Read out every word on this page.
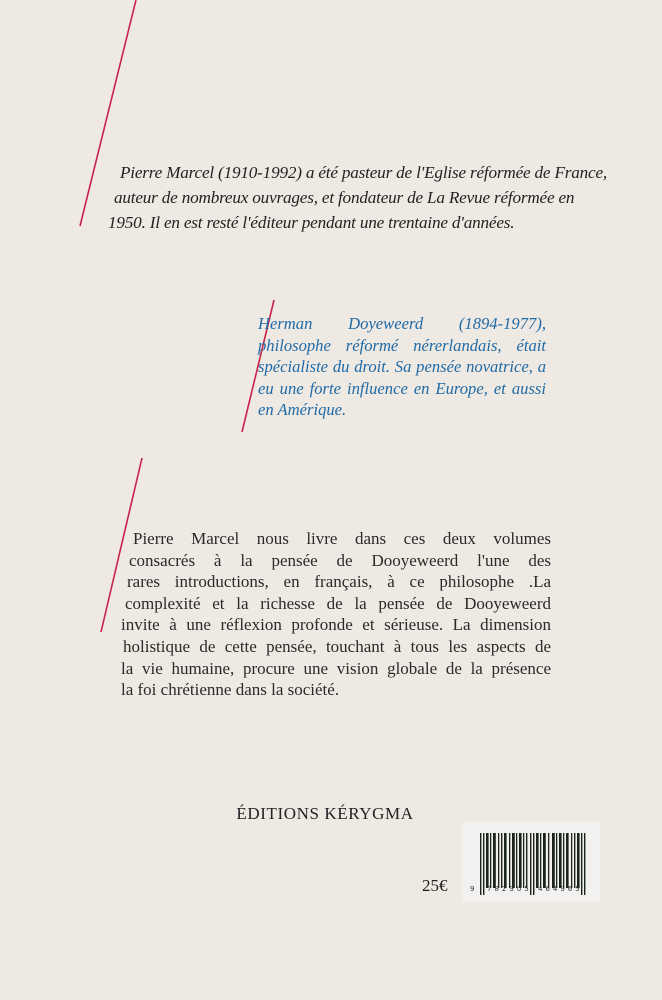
Pierre Marcel (1910-1992) a été pasteur de l'Eglise réformée de France,
auteur de nombreux ouvrages, et fondateur de La Revue réformée en
1950. Il en est resté l'éditeur pendant une trentaine d'années.
Herman Doyeweerd (1894-1977), philosophe réformé nérerlandais, était spécialiste du droit. Sa pensée novatrice, a eu une forte influence en Europe, et aussi en Amérique.
Pierre Marcel nous livre dans ces deux volumes
consacrés à la pensée de Dooyeweerd l'une des
rares introductions, en français, à ce philosophe .La
complexité et la richesse de la pensée de Dooyeweerd
invite à une réflexion profonde et sérieuse. La dimension
holistique de cette pensée, touchant à tous les aspects de
la vie humaine, procure une vision globale de la présence
la foi chrétienne dans la société.
ÉDITIONS KÉRYGMA
25€	9 782905 464965
